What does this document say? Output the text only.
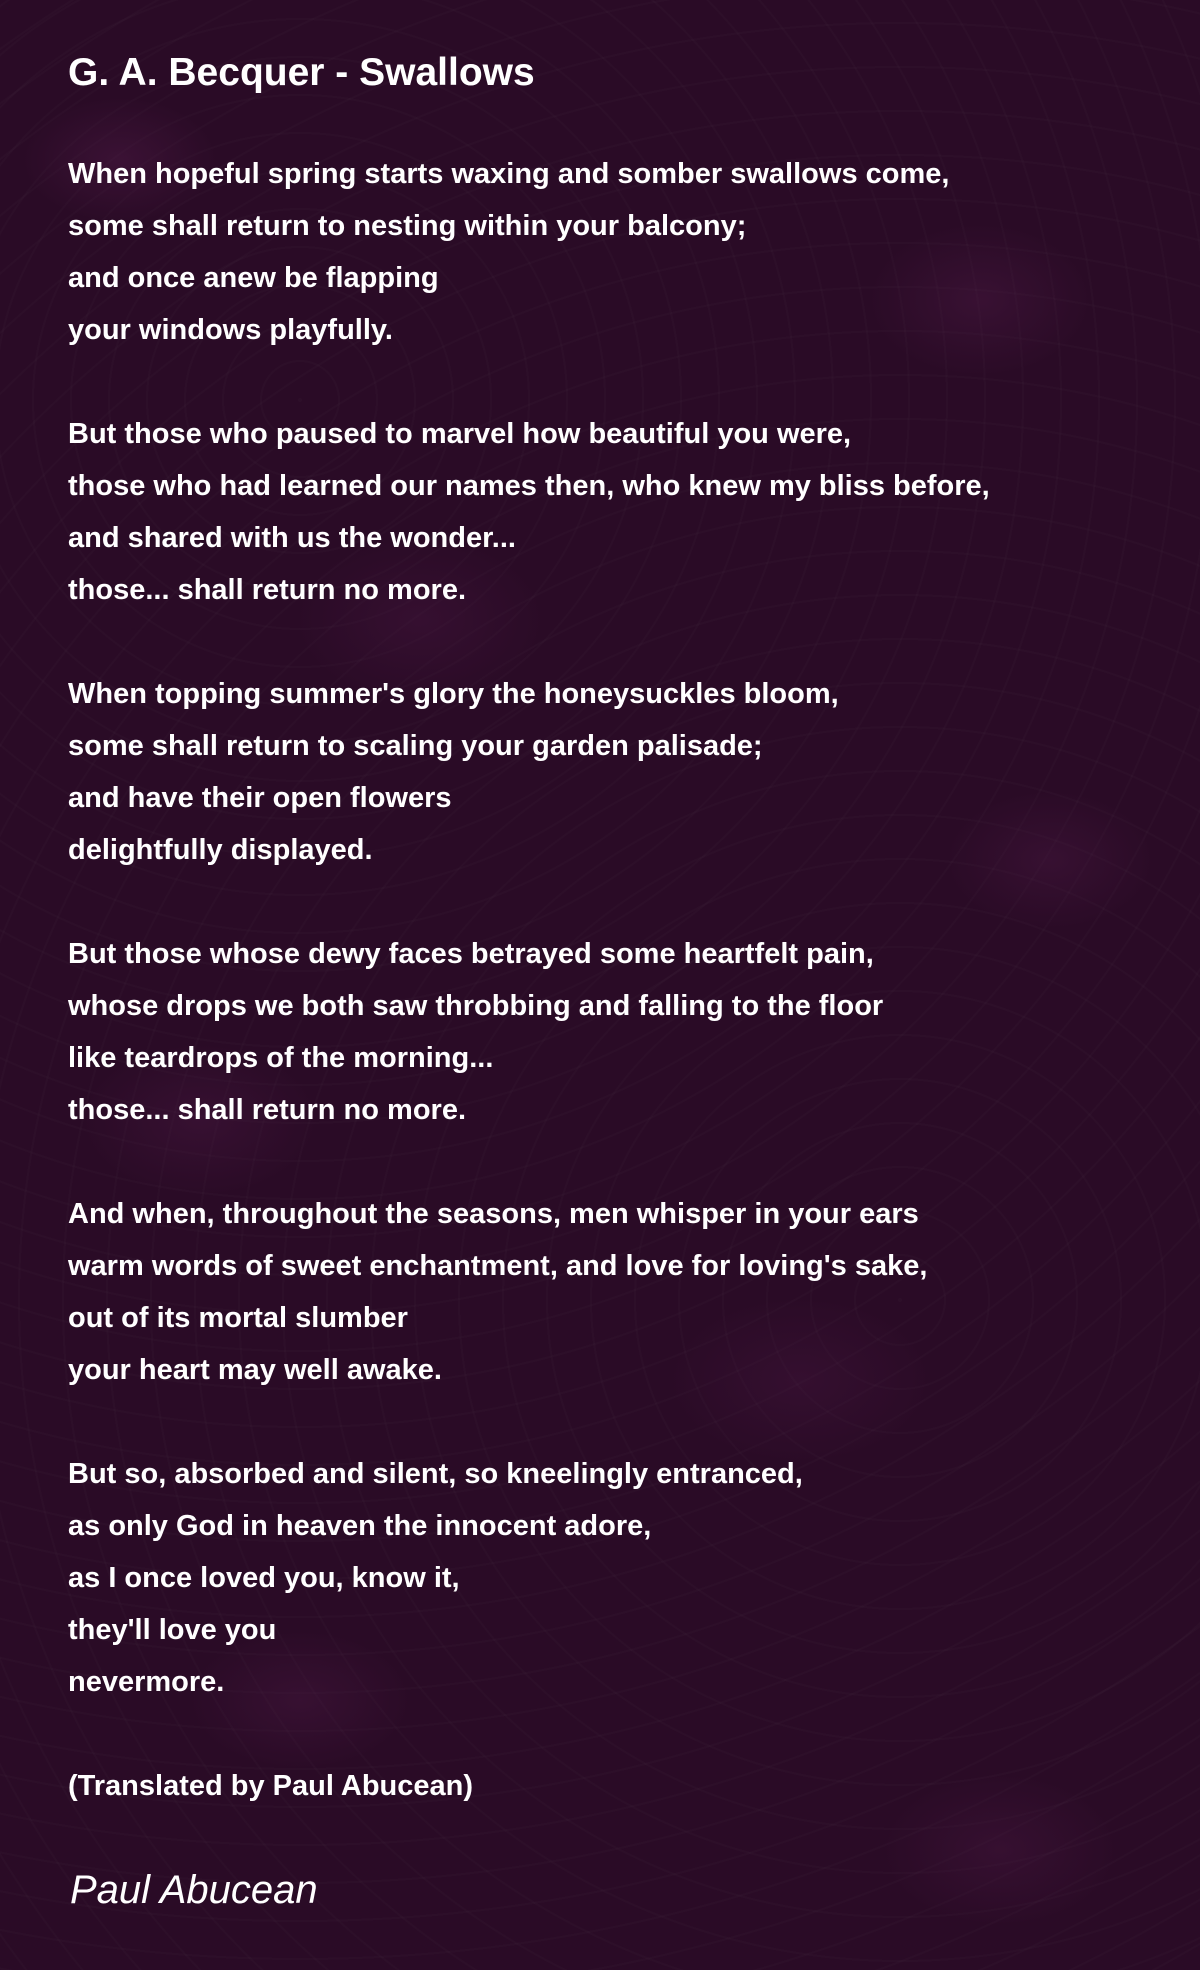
G. A. Becquer - Swallows
When hopeful spring starts waxing and somber swallows come,
some shall return to nesting within your balcony;
and once anew be flapping
your windows playfully.
But those who paused to marvel how beautiful you were,
those who had learned our names then, who knew my bliss before,
and shared with us the wonder...
those... shall return no more.
When topping summer's glory the honeysuckles bloom,
some shall return to scaling your garden palisade;
and have their open flowers
delightfully displayed.
But those whose dewy faces betrayed some heartfelt pain,
whose drops we both saw throbbing and falling to the floor
like teardrops of the morning...
those... shall return no more.
And when, throughout the seasons, men whisper in your ears
warm words of sweet enchantment, and love for loving's sake,
out of its mortal slumber
your heart may well awake.
But so, absorbed and silent, so kneelingly entranced,
as only God in heaven the innocent adore,
as I once loved you, know it,
they'll love you
nevermore.
(Translated by Paul Abucean)
Paul Abucean
